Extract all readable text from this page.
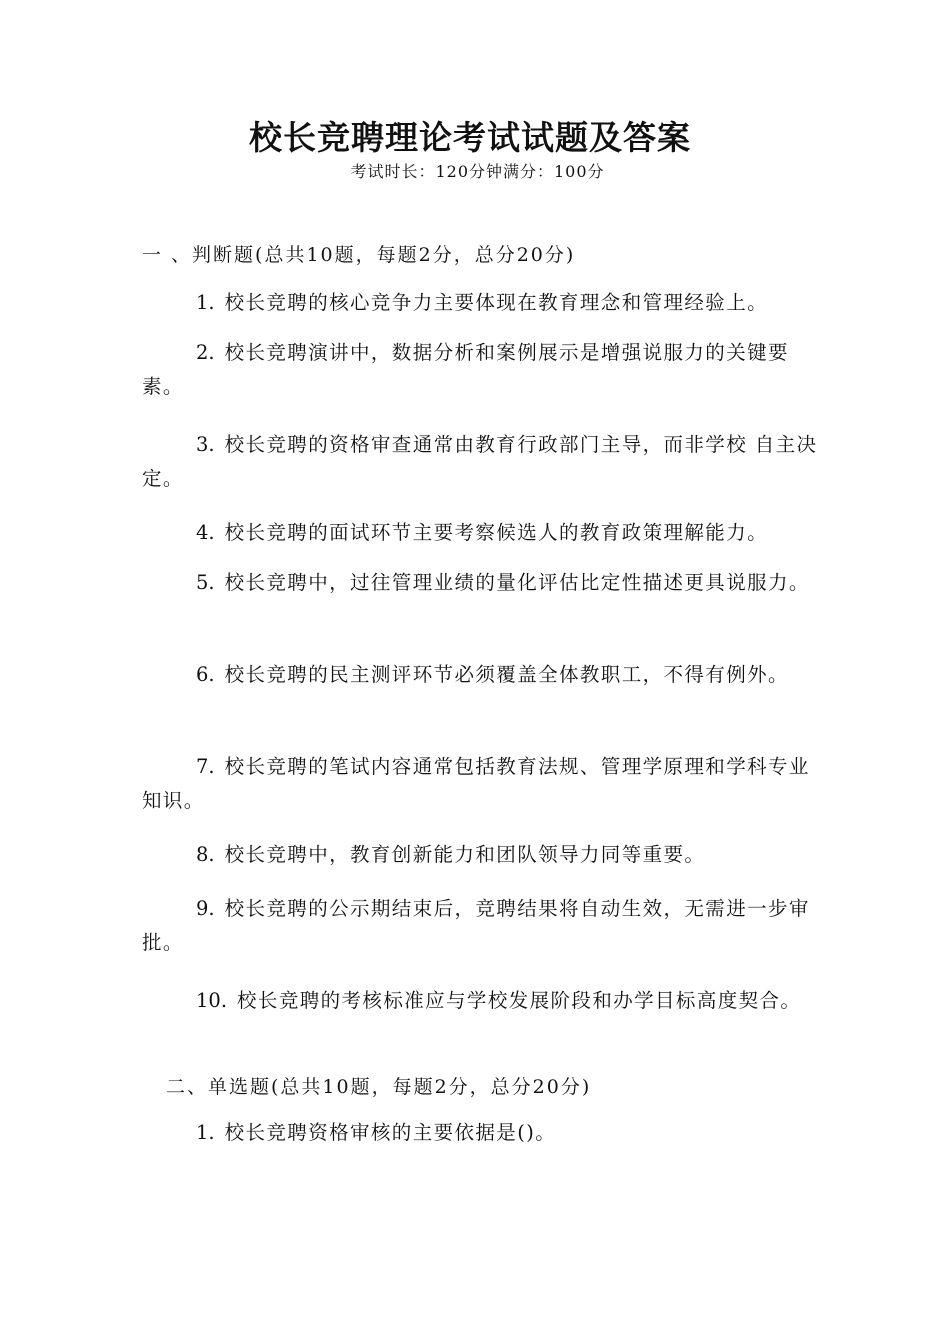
校长竞聘理论考试试题及答案

考试时长：120分钟满分：100分

一 、判断题(总共10题，每题2分，总分20分)

1. 校长竞聘的核心竞争力主要体现在教育理念和管理经验上。

2. 校长竞聘演讲中，数据分析和案例展示是增强说服力的关键要素。

3. 校长竞聘的资格审查通常由教育行政部门主导，而非学校 自主决定。

4. 校长竞聘的面试环节主要考察候选人的教育政策理解能力。

5. 校长竞聘中，过往管理业绩的量化评估比定性描述更具说服力。

6. 校长竞聘的民主测评环节必须覆盖全体教职工，不得有例外。

7. 校长竞聘的笔试内容通常包括教育法规、管理学原理和学科专业知识。

8. 校长竞聘中，教育创新能力和团队领导力同等重要。

9. 校长竞聘的公示期结束后，竞聘结果将自动生效，无需进一步审批。

10. 校长竞聘的考核标准应与学校发展阶段和办学目标高度契合。

二、单选题(总共10题，每题2分，总分20分)

1. 校长竞聘资格审核的主要依据是()。
